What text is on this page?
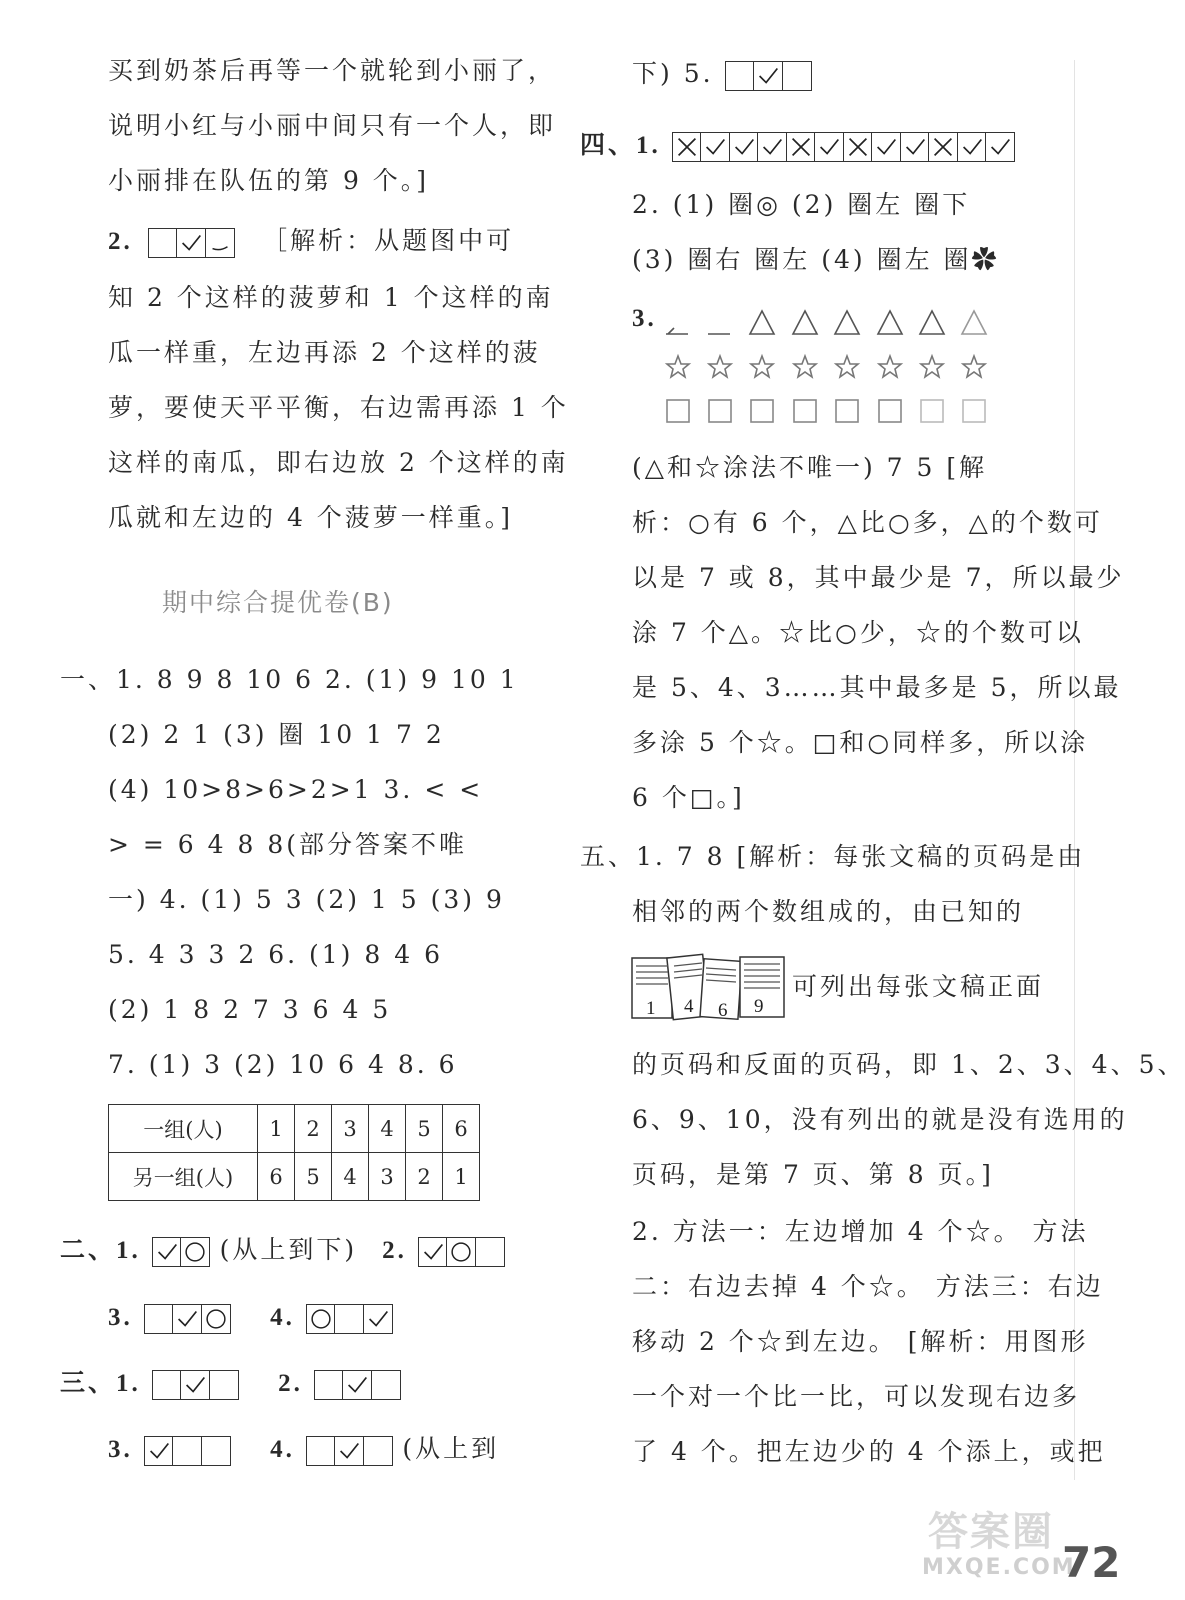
买到奶茶后再等一个就轮到小丽了，
说明小红与小丽中间只有一个人，即
小丽排在队伍的第 9 个。]
2.	［解析：从题图中可
知 2 个这样的菠萝和 1 个这样的南
瓜一样重，左边再添 2 个这样的菠
萝，要使天平平衡，右边需再添 1 个
这样的南瓜，即右边放 2 个这样的南
瓜就和左边的 4 个菠萝一样重。]
期中综合提优卷(B)
一、1. 8 9 8 10 6 2. (1) 9 10 1
(2) 2 1 (3) 圈 10 1 7 2
(4) 10>8>6>2>1 3. < <
> = 6 4 8 8(部分答案不唯
一) 4. (1) 5 3 (2) 1 5 (3) 9
5. 4 3 3 2 6. (1) 8 4 6
(2) 1 8 2 7 3 6 4 5
7. (1) 3 (2) 10 6 4 8. 6
一组(人)	1	2	3	4	5	6
另一组(人)	6	5	4	3	2	1
二、1.	(从上到下) 2.
3.	4.
三、1.	2.
3.	4.	(从上到
下) 5.
四、1.
2. (1) 圈◎ (2) 圈左 圈下
(3) 圈右 圈左 (4) 圈左 圈✿
3.
(△和☆涂法不唯一) 7 5 [解
析：○有 6 个，△比○多，△的个数可
以是 7 或 8，其中最少是 7，所以最少
涂 7 个△。☆比○少，☆的个数可以
是 5、4、3……其中最多是 5，所以最
多涂 5 个☆。□和○同样多，所以涂
6 个□。]
五、1. 7 8 [解析：每张文稿的页码是由
相邻的两个数组成的，由已知的
1 4 6 9
可列出每张文稿正面
的页码和反面的页码，即 1、2、3、4、5、
6、9、10，没有列出的就是没有选用的
页码，是第 7 页、第 8 页。]
2. 方法一：左边增加 4 个☆。 方法
二：右边去掉 4 个☆。 方法三：右边
移动 2 个☆到左边。 [解析：用图形
一个对一个比一比，可以发现右边多
了 4 个。把左边少的 4 个添上，或把
答案圈
MXQE.COM
72
